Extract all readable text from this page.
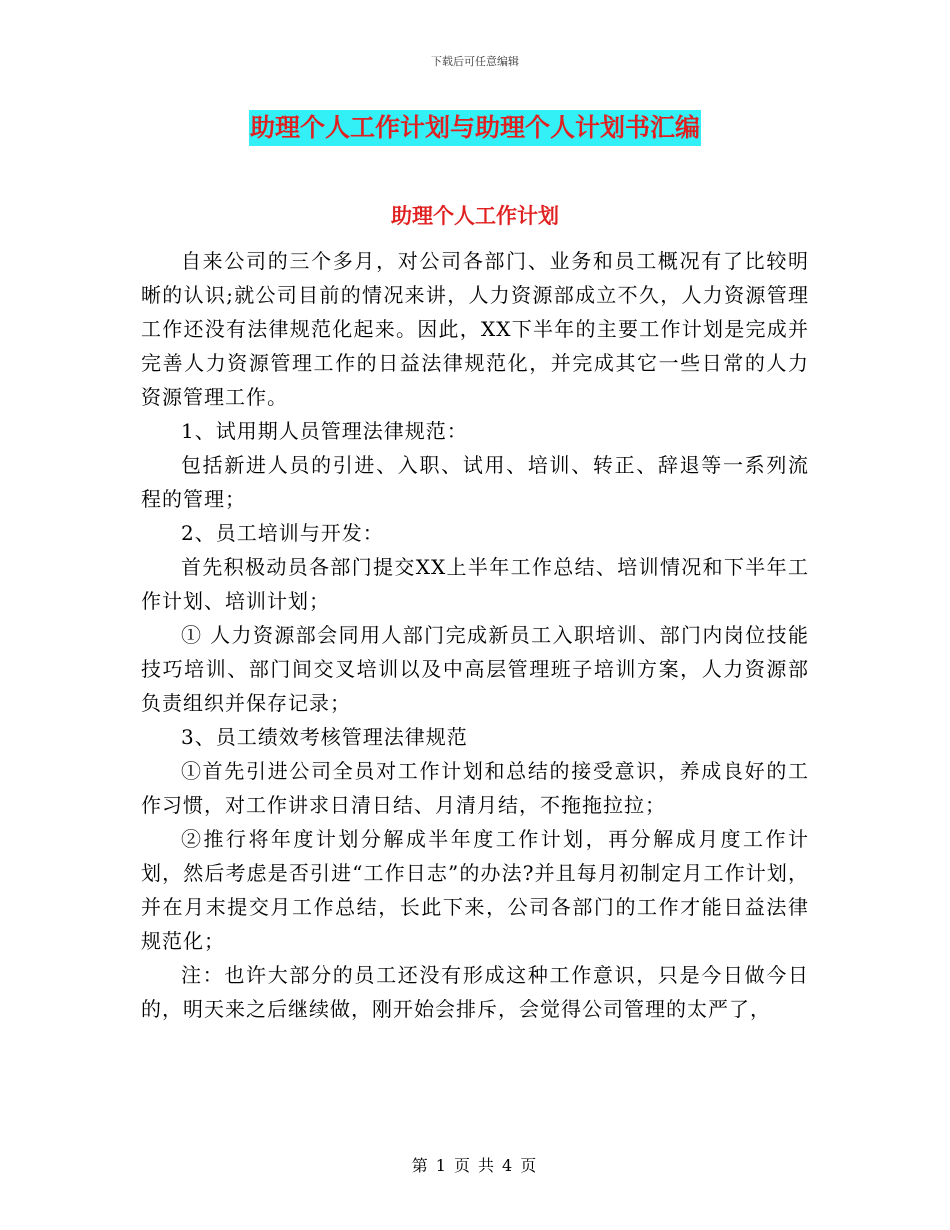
下载后可任意编辑
助理个人工作计划与助理个人计划书汇编
助理个人工作计划

自来公司的三个多月，对公司各部门、业务和员工概况有了比较明晰的认识;就公司目前的情况来讲，人力资源部成立不久，人力资源管理工作还没有法律规范化起来。因此，XX下半年的主要工作计划是完成并完善人力资源管理工作的日益法律规范化，并完成其它一些日常的人力资源管理工作。

1、试用期人员管理法律规范：

包括新进人员的引进、入职、试用、培训、转正、辞退等一系列流程的管理；

2、员工培训与开发：

首先积极动员各部门提交XX上半年工作总结、培训情况和下半年工作计划、培训计划；

① 人力资源部会同用人部门完成新员工入职培训、部门内岗位技能技巧培训、部门间交叉培训以及中高层管理班子培训方案，人力资源部负责组织并保存记录；

3、员工绩效考核管理法律规范

①首先引进公司全员对工作计划和总结的接受意识，养成良好的工作习惯，对工作讲求日清日结、月清月结，不拖拖拉拉；

②推行将年度计划分解成半年度工作计划，再分解成月度工作计划，然后考虑是否引进“工作日志”的办法?并且每月初制定月工作计划，并在月末提交月工作总结，长此下来，公司各部门的工作才能日益法律规范化；

注：也许大部分的员工还没有形成这种工作意识，只是今日做今日的，明天来之后继续做，刚开始会排斥，会觉得公司管理的太严了，

第 1 页 共 4 页
